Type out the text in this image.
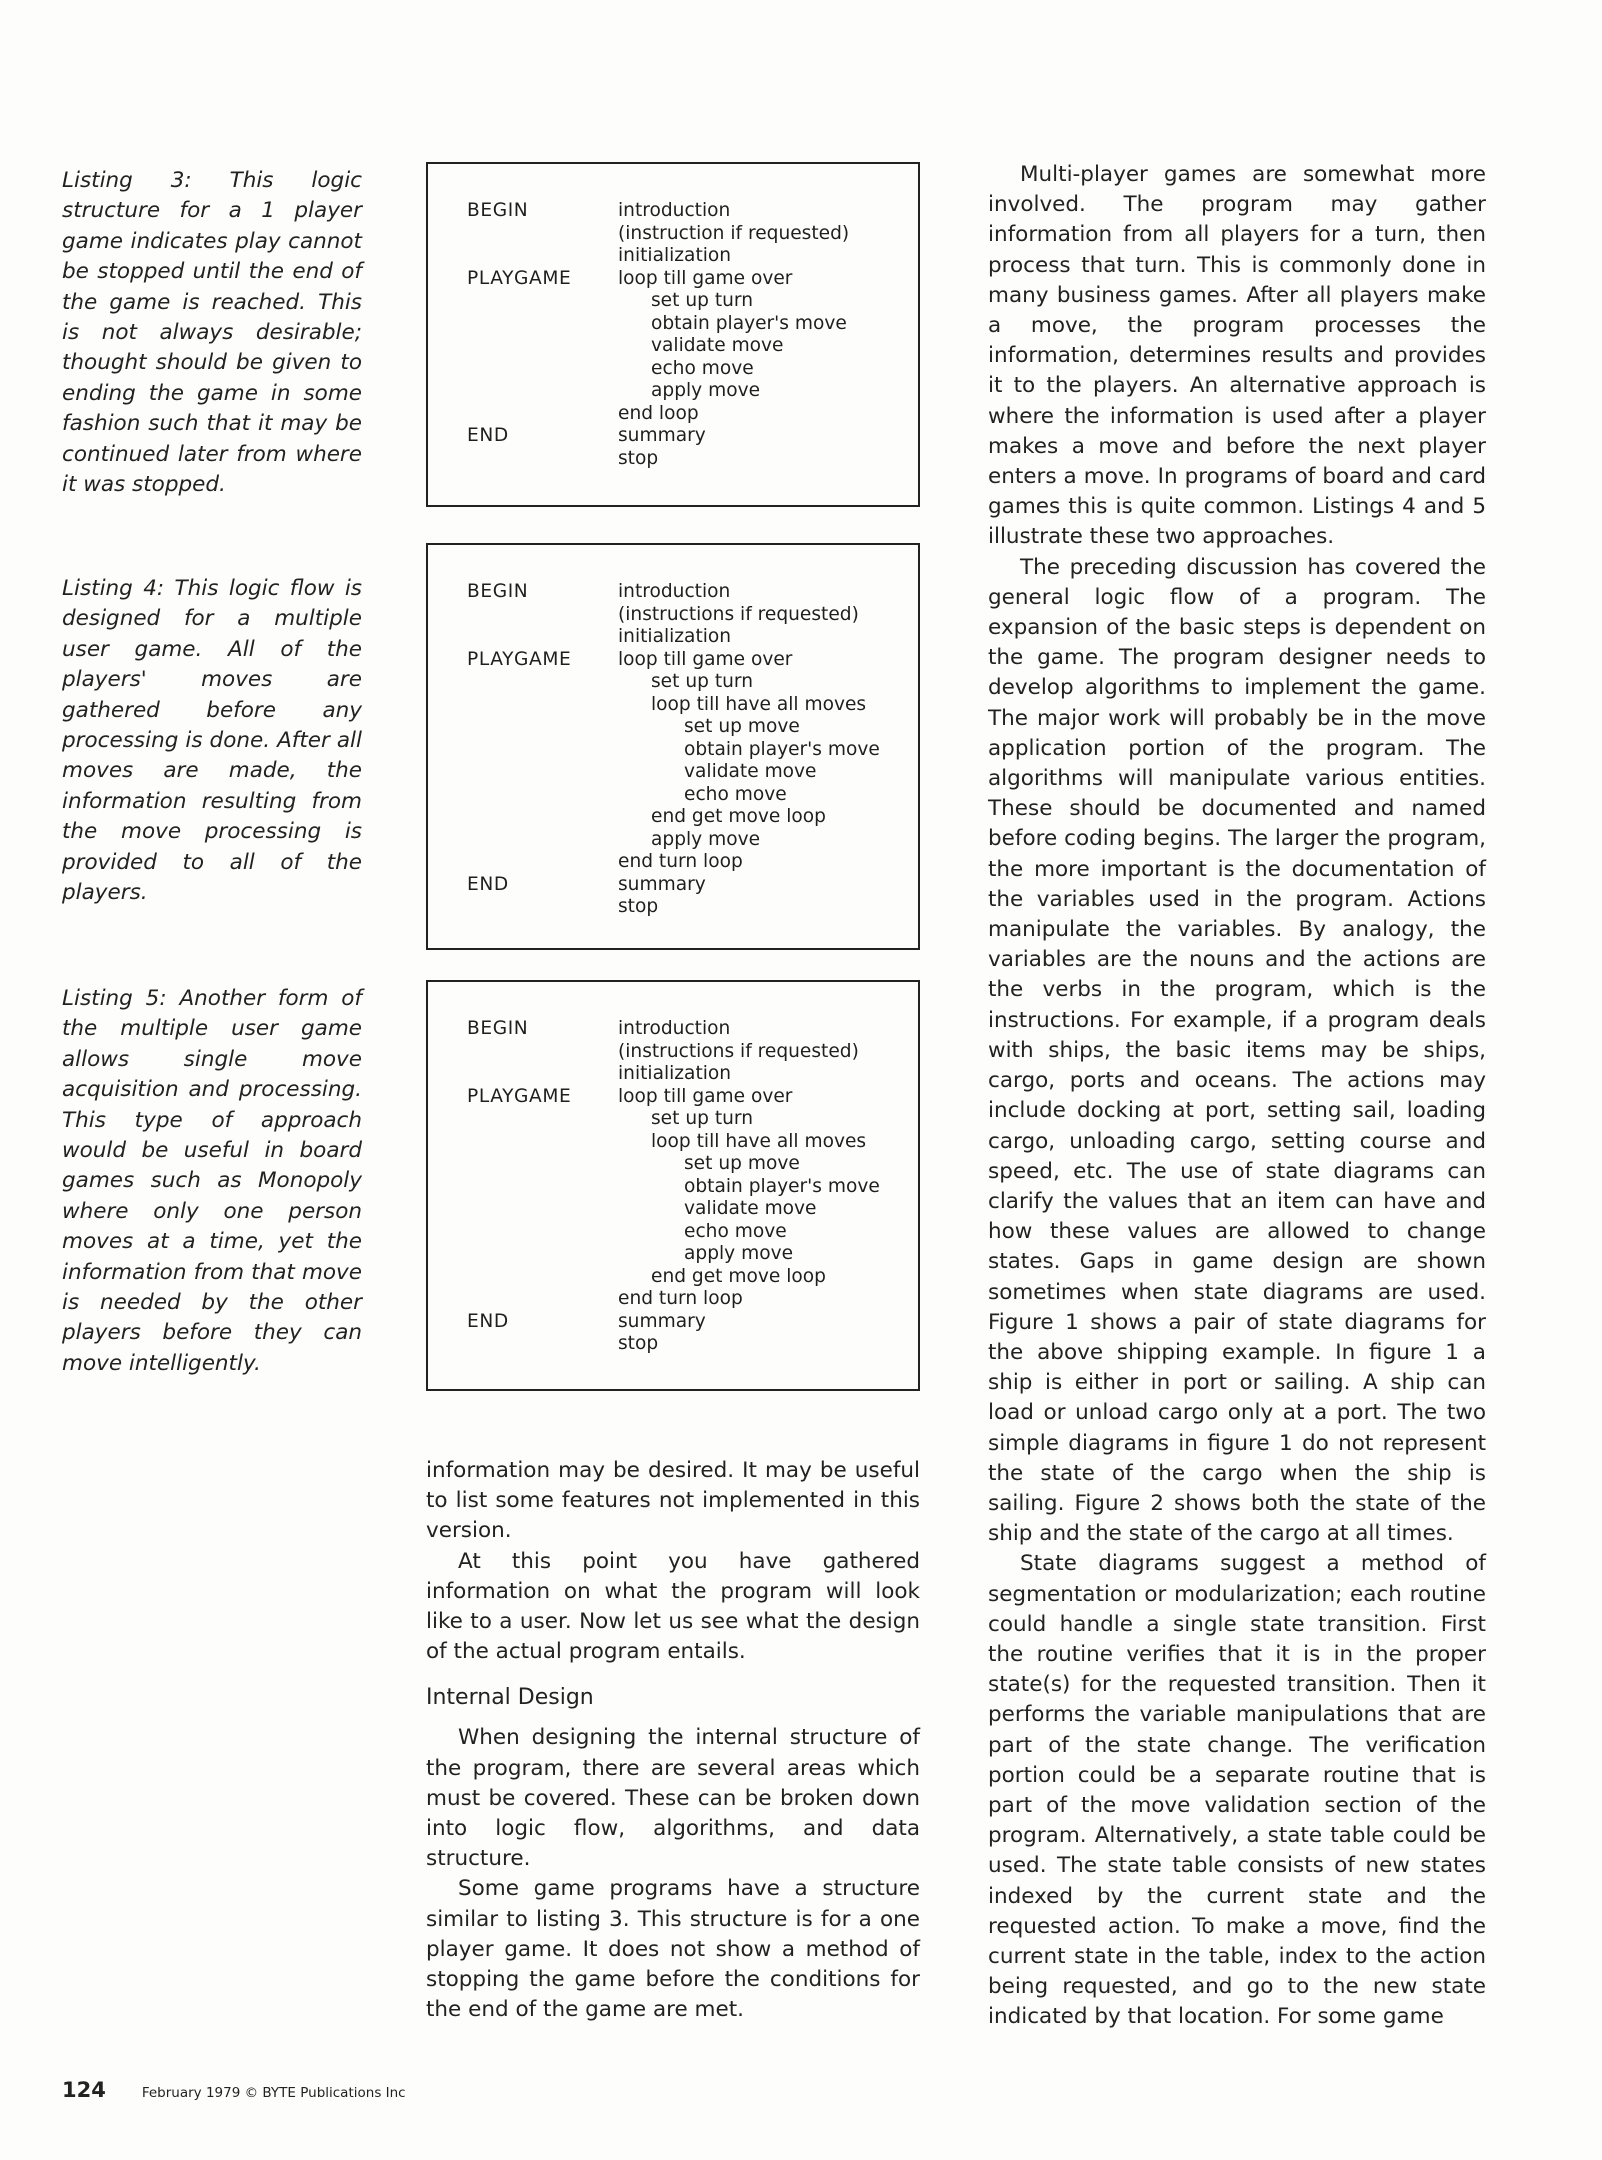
Listing 3: This logic structure for a 1 player game indicates play cannot be stopped until the end of the game is reached. This is not always desirable; thought should be given to ending the game in some fashion such that it may be continued later from where it was stopped.

Listing 4: This logic flow is designed for a multiple user game. All of the players' moves are gathered before any processing is done. After all moves are made, the information resulting from the move processing is provided to all of the players.

Listing 5: Another form of the multiple user game allows single move acquisition and processing. This type of approach would be useful in board games such as Monopoly where only one person moves at a time, yet the information from that move is needed by the other players before they can move intelligently.

BEGIN	introduction
(instruction if requested)
initialization
PLAYGAME	loop till game over
set up turn
obtain player's move
validate move
echo move
apply move
end loop
END	summary
stop
BEGIN	introduction
(instructions if requested)
initialization
PLAYGAME	loop till game over
set up turn
loop till have all moves
set up move
obtain player's move
validate move
echo move
end get move loop
apply move
end turn loop
END	summary
stop
BEGIN	introduction
(instructions if requested)
initialization
PLAYGAME	loop till game over
set up turn
loop till have all moves
set up move
obtain player's move
validate move
echo move
apply move
end get move loop
end turn loop
END	summary
stop

information may be desired. It may be useful to list some features not implemented in this version.

At this point you have gathered information on what the program will look like to a user. Now let us see what the design of the actual program entails.

Internal Design

When designing the internal structure of the program, there are several areas which must be covered. These can be broken down into logic flow, algorithms, and data structure.

Some game programs have a structure similar to listing 3. This structure is for a one player game. It does not show a method of stopping the game before the conditions for the end of the game are met.

Multi-player games are somewhat more involved. The program may gather information from all players for a turn, then process that turn. This is commonly done in many business games. After all players make a move, the program processes the information, determines results and provides it to the players. An alternative approach is where the information is used after a player makes a move and before the next player enters a move. In programs of board and card games this is quite common. Listings 4 and 5 illustrate these two approaches.

The preceding discussion has covered the general logic flow of a program. The expansion of the basic steps is dependent on the game. The program designer needs to develop algorithms to implement the game. The major work will probably be in the move application portion of the program. The algorithms will manipulate various entities. These should be documented and named before coding begins. The larger the program, the more important is the documentation of the variables used in the program. Actions manipulate the variables. By analogy, the variables are the nouns and the actions are the verbs in the program, which is the instructions. For example, if a program deals with ships, the basic items may be ships, cargo, ports and oceans. The actions may include docking at port, setting sail, loading cargo, unloading cargo, setting course and speed, etc. The use of state diagrams can clarify the values that an item can have and how these values are allowed to change states. Gaps in game design are shown sometimes when state diagrams are used. Figure 1 shows a pair of state diagrams for the above shipping example. In figure 1 a ship is either in port or sailing. A ship can load or unload cargo only at a port. The two simple diagrams in figure 1 do not represent the state of the cargo when the ship is sailing. Figure 2 shows both the state of the ship and the state of the cargo at all times.

State diagrams suggest a method of segmentation or modularization; each routine could handle a single state transition. First the routine verifies that it is in the proper state(s) for the requested transition. Then it performs the variable manipulations that are part of the state change. The verification portion could be a separate routine that is part of the move validation section of the program. Alternatively, a state table could be used. The state table consists of new states indexed by the current state and the requested action. To make a move, find the current state in the table, index to the action being requested, and go to the new state indicated by that location. For some game

124	February 1979 © BYTE Publications Inc
